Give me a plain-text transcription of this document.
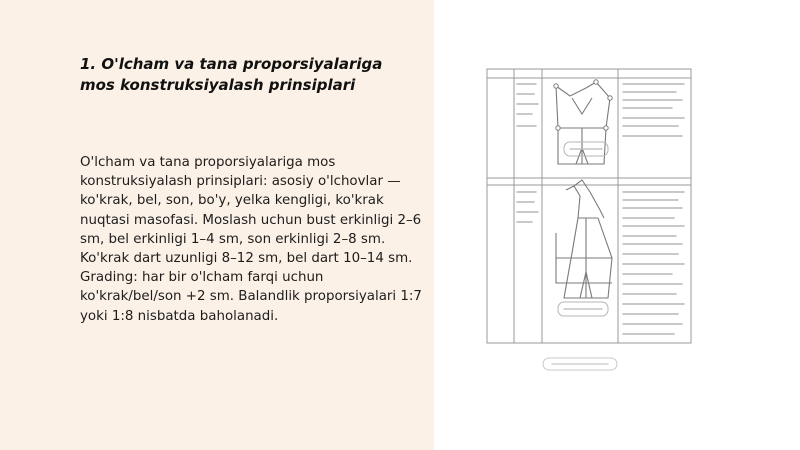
1. O'lcham va tana proporsiyalariga mos konstruksiyalash prinsiplari

O'lcham va tana proporsiyalariga mos konstruksiyalash prinsiplari: asosiy o'lchovlar — ko'krak, bel, son, bo'y, yelka kengligi, ko'krak nuqtasi masofasi. Moslash uchun bust erkinligi 2–6 sm, bel erkinligi 1–4 sm, son erkinligi 2–8 sm. Ko'krak dart uzunligi 8–12 sm, bel dart 10–14 sm. Grading: har bir o'lcham farqi uchun ko'krak/bel/son +2 sm. Balandlik proporsiyalari 1:7 yoki 1:8 nisbatda baholanadi.
